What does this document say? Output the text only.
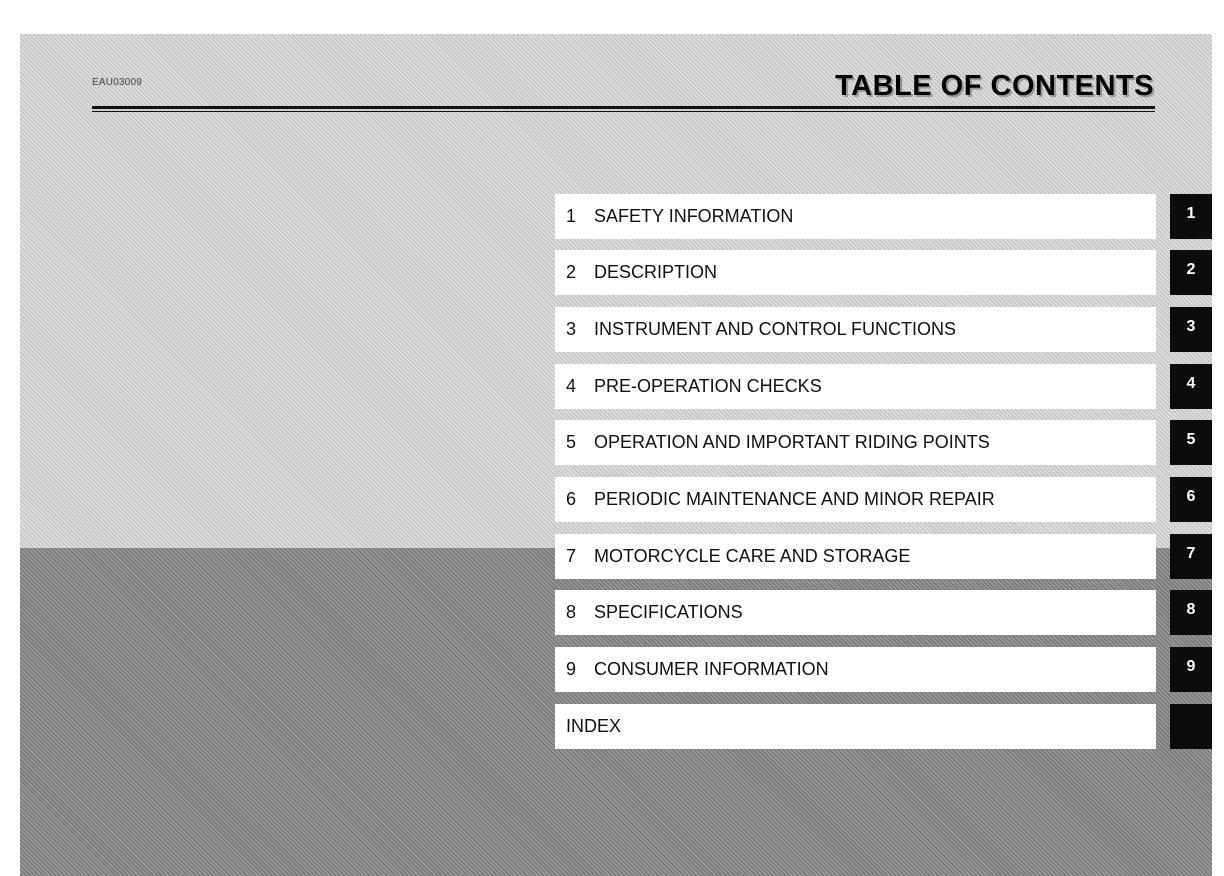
EAU03009	TABLE OF CONTENTS
1 SAFETY INFORMATION	1
2 DESCRIPTION	2
3 INSTRUMENT AND CONTROL FUNCTIONS	3
4 PRE-OPERATION CHECKS	4
5 OPERATION AND IMPORTANT RIDING POINTS	5
6 PERIODIC MAINTENANCE AND MINOR REPAIR	6
7 MOTORCYCLE CARE AND STORAGE	7
8 SPECIFICATIONS	8
9 CONSUMER INFORMATION	9
INDEX
